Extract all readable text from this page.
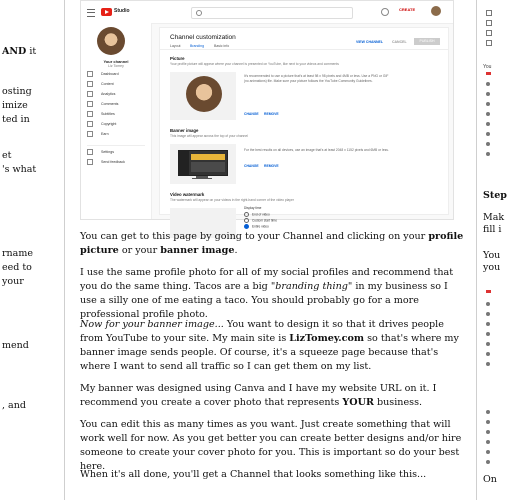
AND it
osting
imize
ted in
et
's what
rname
eed to
your
mend
, and
Studio	CREATE
Your channel
Liz Tomey
Dashboard
Content
Analytics
Comments
Subtitles
Copyright
Earn
Settings
Send feedback
Channel customization
VIEW CHANNEL	CANCEL	PUBLISH
Layout	Branding	Basic info
Picture
Your profile picture will appear where your channel is presented on YouTube, like next to your videos and comments
It's recommended to use a picture that's at least 98 x 98 pixels and 4MB or less. Use a PNG or GIF (no animations) file. Make sure your picture follows the YouTube Community Guidelines.
CHANGE REMOVE
Banner image
This image will appear across the top of your channel
For the best results on all devices, use an image that's at least 2048 x 1152 pixels and 6MB or less.
CHANGE REMOVE
Video watermark
The watermark will appear on your videos in the right-hand corner of the video player
Display time
End of video
Custom start time
Entire video
You can get to this page by going to your Channel and clicking on your profile picture or your banner image.
I use the same profile photo for all of my social profiles and recommend that you do the same thing. Tacos are a big "branding thing" in my business so I use a silly one of me eating a taco. You should probably go for a more professional profile photo.
Now for your banner image... You want to design it so that it drives people from YouTube to your site. My main site is LizTomey.com so that's where my banner image sends people. Of course, it's a squeeze page because that's where I want to send all traffic so I can get them on my list.
My banner was designed using Canva and I have my website URL on it. I recommend you create a cover photo that represents YOUR business.
You can edit this as many times as you want. Just create something that will work well for now. As you get better you can create better designs and/or hire someone to create your cover photo for you. This is important so do your best here.
When it's all done, you'll get a Channel that looks something like this...
You
Step
Mak
fill i
You
you
On
